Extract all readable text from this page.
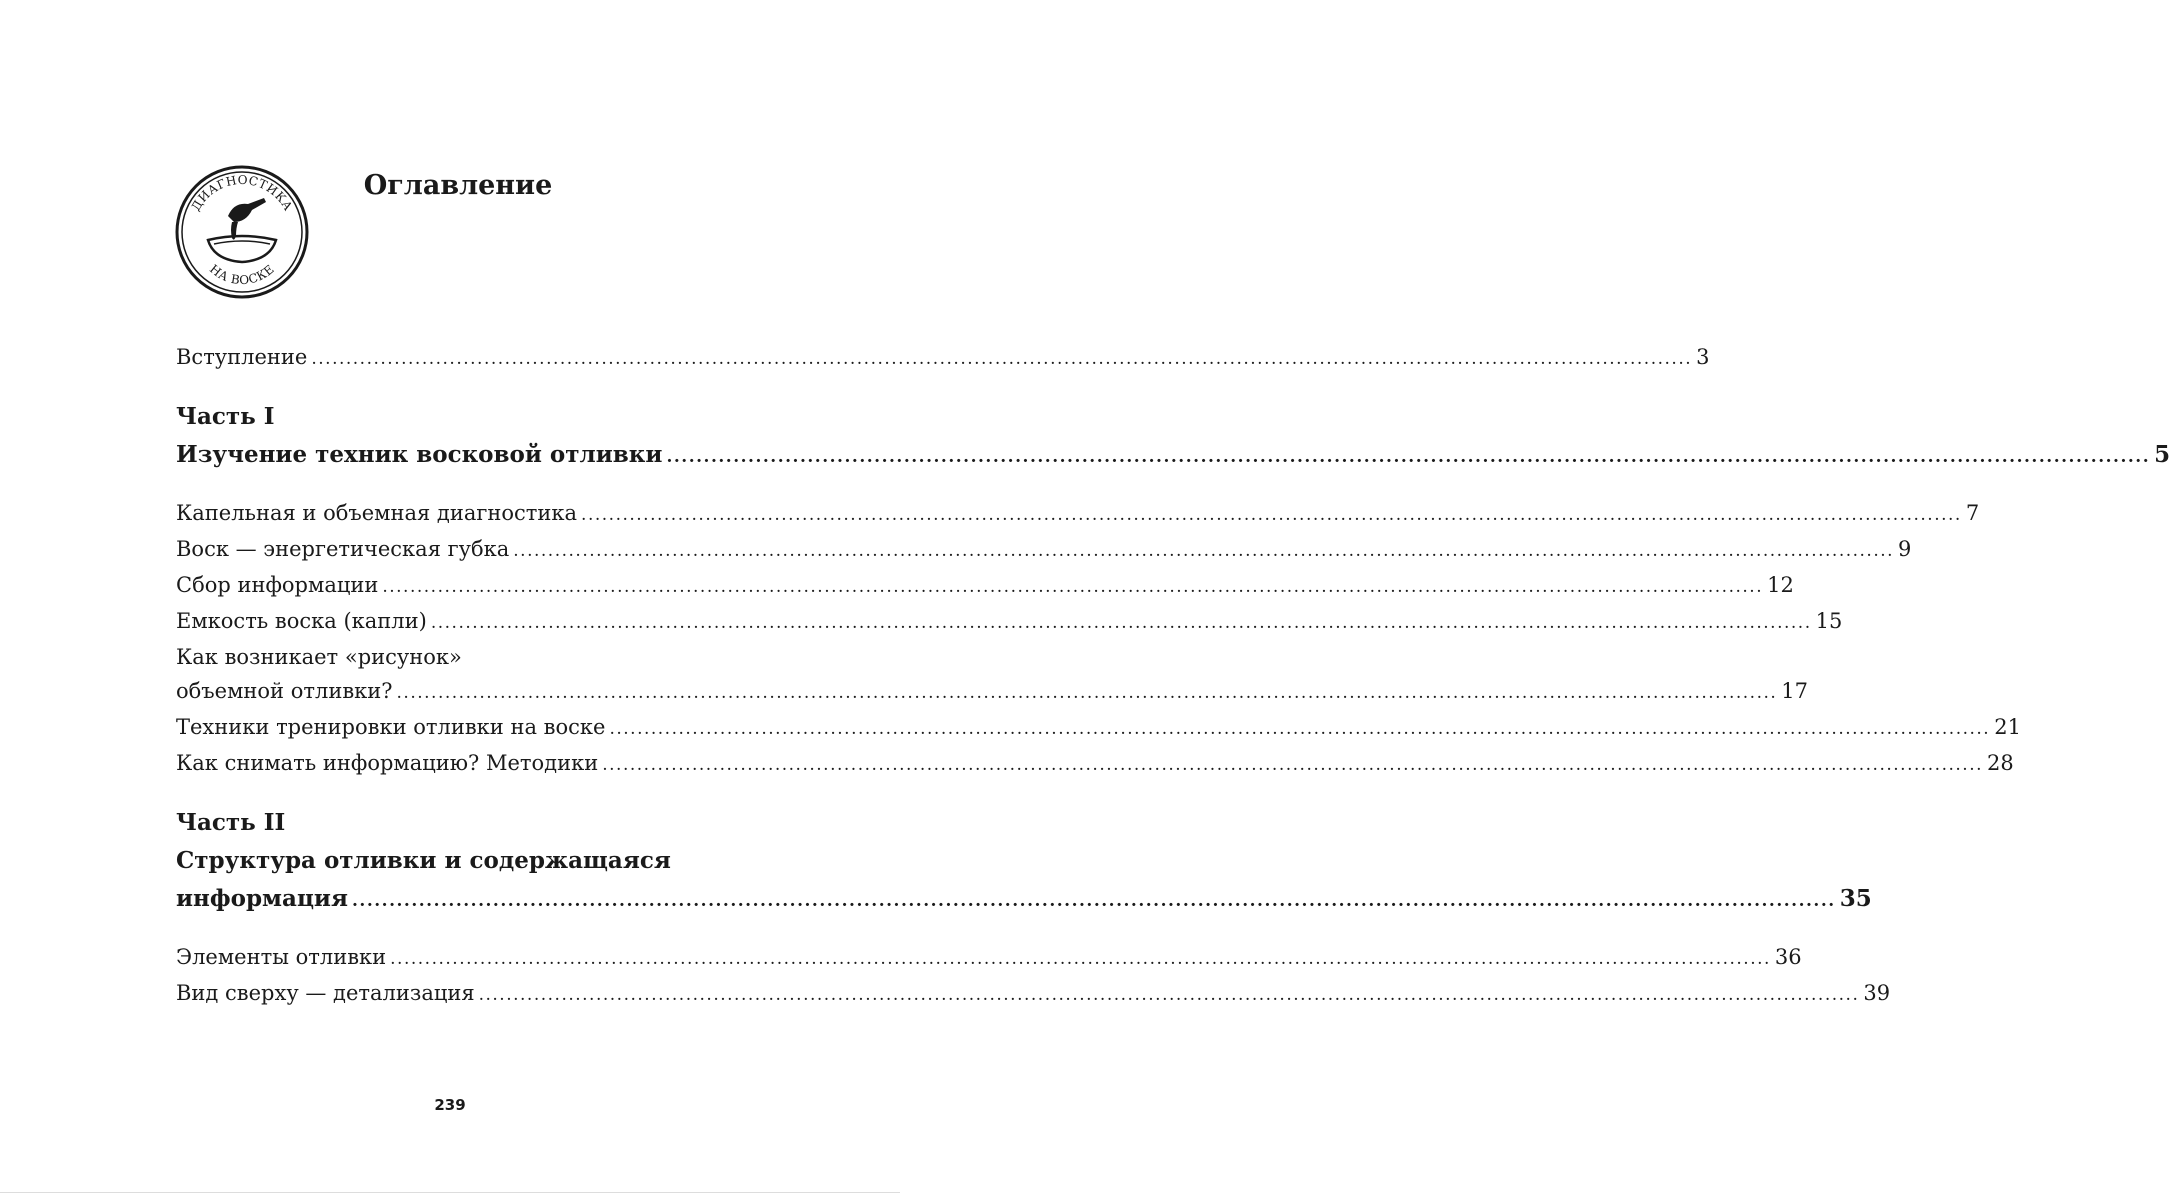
ДИАГНОСТИКА
НА ВОСКЕ
Оглавление
Вступление ........................................................................................................................................................................................................ 3
Часть I
Изучение техник восковой отливки ........................................................................................................................................................................................................ 5
Капельная и объемная диагностика ........................................................................................................................................................................................................ 7
Воск — энергетическая губка ........................................................................................................................................................................................................ 9
Сбор информации ........................................................................................................................................................................................................ 12
Емкость воска (капли) ........................................................................................................................................................................................................ 15
Как возникает «рисунок»
объемной отливки? ........................................................................................................................................................................................................ 17
Техники тренировки отливки на воске ........................................................................................................................................................................................................ 21
Как снимать информацию? Методики ........................................................................................................................................................................................................ 28
Часть II
Структура отливки и содержащаяся
информация ........................................................................................................................................................................................................ 35
Элементы отливки ........................................................................................................................................................................................................ 36
Вид сверху — детализация ........................................................................................................................................................................................................ 39
239
